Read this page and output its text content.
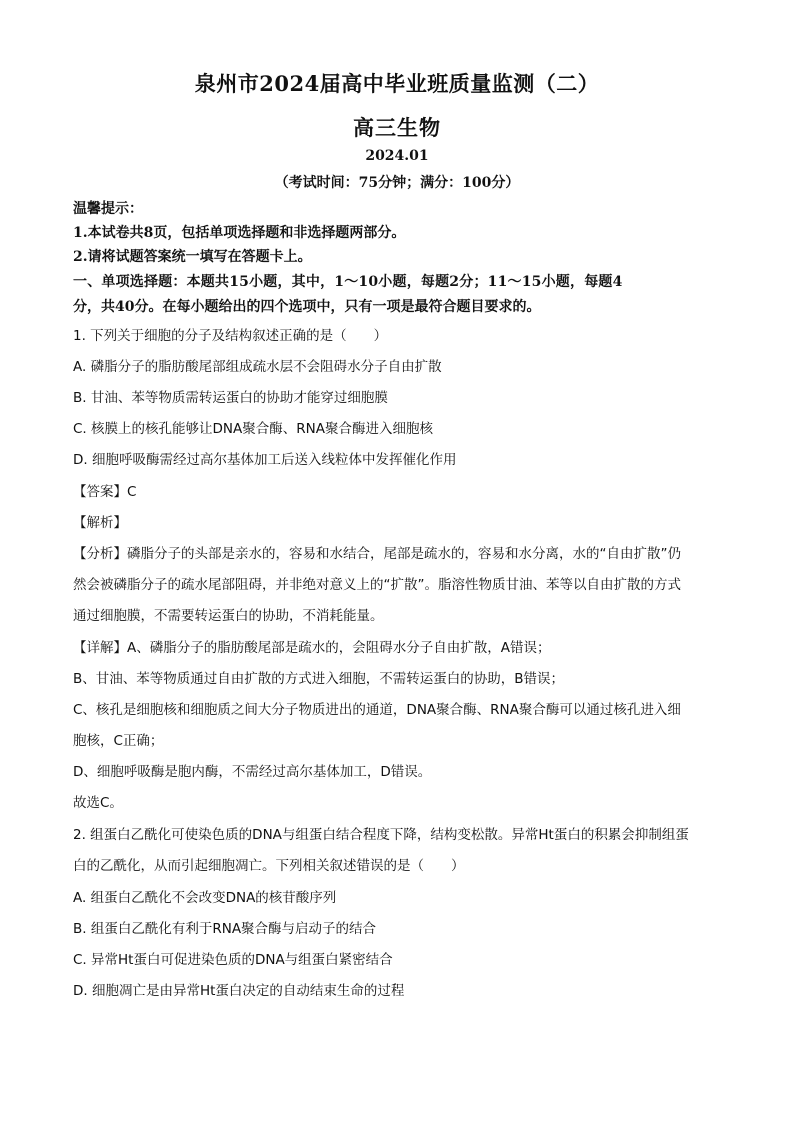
泉州市2024届高中毕业班质量监测（二）
高三生物
2024.01
（考试时间：75分钟；满分：100分）
温馨提示：
1.本试卷共8页，包括单项选择题和非选择题两部分。
2.请将试题答案统一填写在答题卡上。
一、单项选择题：本题共15小题，其中，1～10小题，每题2分；11～15小题，每题4
分，共40分。在每小题给出的四个选项中，只有一项是最符合题目要求的。
1. 下列关于细胞的分子及结构叙述正确的是（　　）
A. 磷脂分子的脂肪酸尾部组成疏水层不会阻碍水分子自由扩散
B. 甘油、苯等物质需转运蛋白的协助才能穿过细胞膜
C. 核膜上的核孔能够让DNA聚合酶、RNA聚合酶进入细胞核
D. 细胞呼吸酶需经过高尔基体加工后送入线粒体中发挥催化作用
【答案】C
【解析】
【分析】磷脂分子的头部是亲水的，容易和水结合，尾部是疏水的，容易和水分离，水的“自由扩散”仍
然会被磷脂分子的疏水尾部阻碍，并非绝对意义上的“扩散”。脂溶性物质甘油、苯等以自由扩散的方式
通过细胞膜，不需要转运蛋白的协助，不消耗能量。
【详解】A、磷脂分子的脂肪酸尾部是疏水的，会阻碍水分子自由扩散，A错误；
B、甘油、苯等物质通过自由扩散的方式进入细胞，不需转运蛋白的协助，B错误；
C、核孔是细胞核和细胞质之间大分子物质进出的通道，DNA聚合酶、RNA聚合酶可以通过核孔进入细
胞核，C正确；
D、细胞呼吸酶是胞内酶，不需经过高尔基体加工，D错误。
故选C。
2. 组蛋白乙酰化可使染色质的DNA与组蛋白结合程度下降，结构变松散。异常Ht蛋白的积累会抑制组蛋
白的乙酰化，从而引起细胞凋亡。下列相关叙述错误的是（　　）
A. 组蛋白乙酰化不会改变DNA的核苷酸序列
B. 组蛋白乙酰化有利于RNA聚合酶与启动子的结合
C. 异常Ht蛋白可促进染色质的DNA与组蛋白紧密结合
D. 细胞凋亡是由异常Ht蛋白决定的自动结束生命的过程
